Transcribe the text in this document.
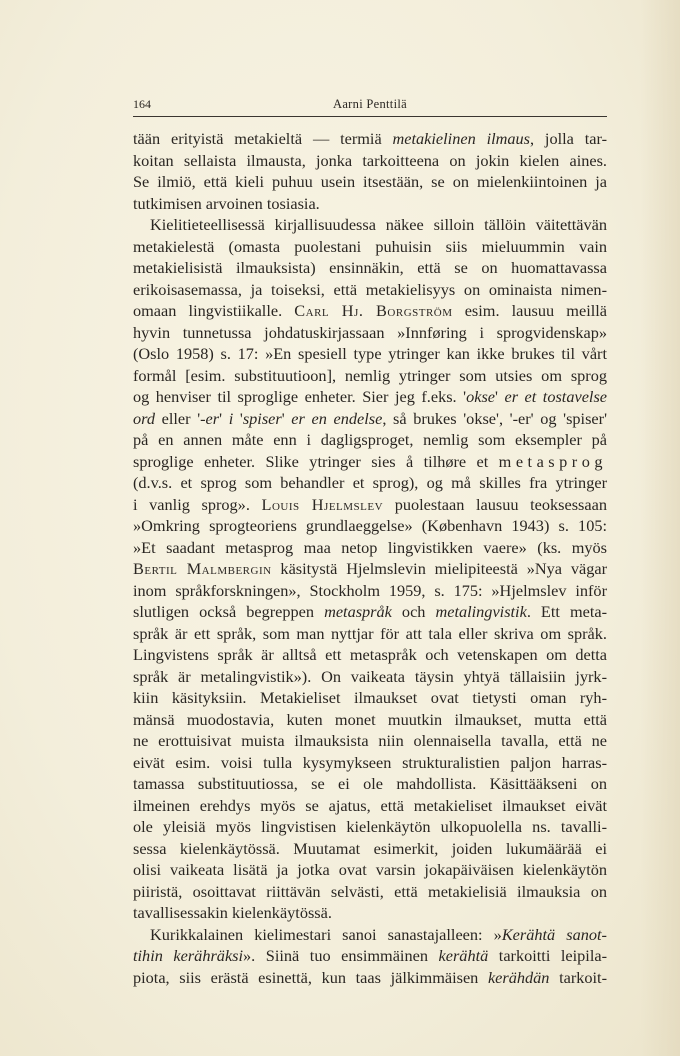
164	Aarni Penttilä
tään erityistä metakieltä — termiä metakielinen ilmaus, jolla tar-
koitan sellaista ilmausta, jonka tarkoitteena on jokin kielen aines.
Se ilmiö, että kieli puhuu usein itsestään, se on mielenkiintoinen ja
tutkimisen arvoinen tosiasia.
Kielitieteellisessä kirjallisuudessa näkee silloin tällöin väitettävän
metakielestä (omasta puolestani puhuisin siis mieluummin vain
metakielisistä ilmauksista) ensinnäkin, että se on huomattavassa
erikoisasemassa, ja toiseksi, että metakielisyys on ominaista nimen-
omaan lingvistiikalle. Carl Hj. Borgström esim. lausuu meillä
hyvin tunnetussa johdatuskirjassaan »Innføring i sprogvidenskap»
(Oslo 1958) s. 17: »En spesiell type ytringer kan ikke brukes til vårt
formål [esim. substituutioon], nemlig ytringer som utsies om sprog
og henviser til sproglige enheter. Sier jeg f.eks. 'okse' er et tostavelse
ord eller '-er' i 'spiser' er en endelse, så brukes 'okse', '-er' og 'spiser'
på en annen måte enn i dagligsproget, nemlig som eksempler på
sproglige enheter. Slike ytringer sies å tilhøre et metasprog
(d.v.s. et sprog som behandler et sprog), og må skilles fra ytringer
i vanlig sprog». Louis Hjelmslev puolestaan lausuu teoksessaan
»Omkring sprogteoriens grundlaeggelse» (København 1943) s. 105:
»Et saadant metasprog maa netop lingvistikken vaere» (ks. myös
Bertil Malmbergin käsitystä Hjelmslevin mielipiteestä »Nya vägar
inom språkforskningen», Stockholm 1959, s. 175: »Hjelmslev inför
slutligen också begreppen metaspråk och metalingvistik. Ett meta-
språk är ett språk, som man nyttjar för att tala eller skriva om språk.
Lingvistens språk är alltså ett metaspråk och vetenskapen om detta
språk är metalingvistik»). On vaikeata täysin yhtyä tällaisiin jyrk-
kiin käsityksiin. Metakieliset ilmaukset ovat tietysti oman ryh-
mänsä muodostavia, kuten monet muutkin ilmaukset, mutta että
ne erottuisivat muista ilmauksista niin olennaisella tavalla, että ne
eivät esim. voisi tulla kysymykseen strukturalistien paljon harras-
tamassa substituutiossa, se ei ole mahdollista. Käsittääkseni on
ilmeinen erehdys myös se ajatus, että metakieliset ilmaukset eivät
ole yleisiä myös lingvistisen kielenkäytön ulkopuolella ns. tavalli-
sessa kielenkäytössä. Muutamat esimerkit, joiden lukumäärää ei
olisi vaikeata lisätä ja jotka ovat varsin jokapäiväisen kielenkäytön
piiristä, osoittavat riittävän selvästi, että metakielisiä ilmauksia on
tavallisessakin kielenkäytössä.
Kurikkalainen kielimestari sanoi sanastajalleen: »Kerähtä sanot-
tihin kerähräksi». Siinä tuo ensimmäinen kerähtä tarkoitti leipila-
piota, siis erästä esinettä, kun taas jälkimmäisen kerähdän tarkoit-
